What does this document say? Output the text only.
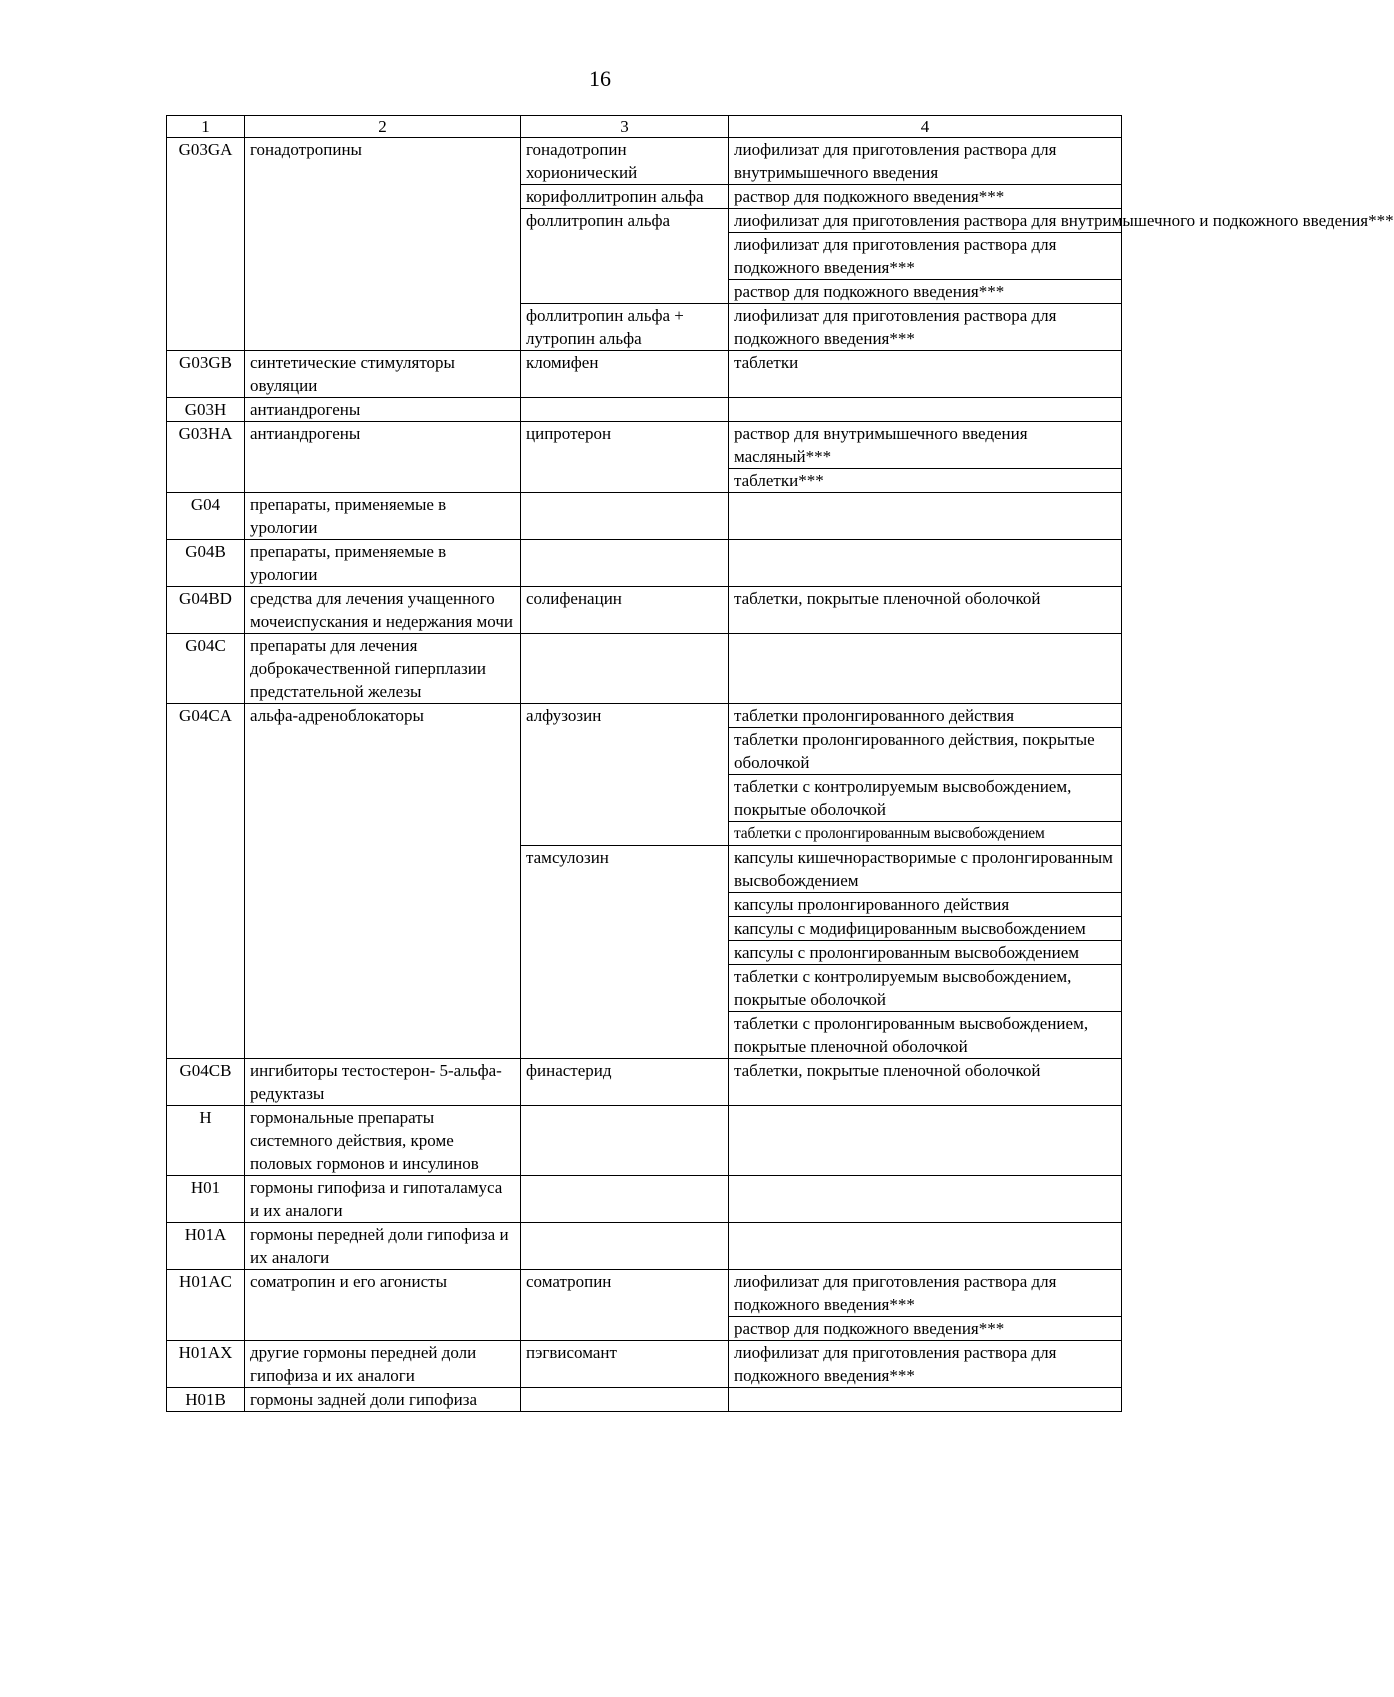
16
1	2	3	4
G03GA	гонадотропины	гонадотропин хорионический	лиофилизат для приготовления раствора для внутримышечного введения
		корифоллитропин альфа	раствор для подкожного введения***
		фоллитропин альфа	лиофилизат для приготовления раствора для внутримышечного и подкожного введения***
			лиофилизат для приготовления раствора для подкожного введения***
			раствор для подкожного введения***
		фоллитропин альфа + лутропин альфа	лиофилизат для приготовления раствора для подкожного введения***
G03GB	синтетические стимуляторы овуляции	кломифен	таблетки
G03H	антиандрогены		
G03HA	антиандрогены	ципротерон	раствор для внутримышечного введения масляный***
			таблетки***
G04	препараты, применяемые в урологии		
G04B	препараты, применяемые в урологии		
G04BD	средства для лечения учащенного мочеиспускания и недержания мочи	солифенацин	таблетки, покрытые пленочной оболочкой
G04C	препараты для лечения доброкачественной гиперплазии предстательной железы		
G04CA	альфа-адреноблокаторы	алфузозин	таблетки пролонгированного действия
			таблетки пролонгированного действия, покрытые оболочкой
			таблетки с контролируемым высвобождением, покрытые оболочкой
			таблетки с пролонгированным высвобождением
		тамсулозин	капсулы кишечнорастворимые с пролонгированным высвобождением
			капсулы пролонгированного действия
			капсулы с модифицированным высвобождением
			капсулы с пролонгированным высвобождением
			таблетки с контролируемым высвобождением, покрытые оболочкой
			таблетки с пролонгированным высвобождением, покрытые пленочной оболочкой
G04CB	ингибиторы тестостерон- 5-альфа-редуктазы	финастерид	таблетки, покрытые пленочной оболочкой
H	гормональные препараты системного действия, кроме половых гормонов и инсулинов		
H01	гормоны гипофиза и гипоталамуса и их аналоги		
H01A	гормоны передней доли гипофиза и их аналоги		
H01AC	соматропин и его агонисты	соматропин	лиофилизат для приготовления раствора для подкожного введения***
			раствор для подкожного введения***
H01AX	другие гормоны передней доли гипофиза и их аналоги	пэгвисомант	лиофилизат для приготовления раствора для подкожного введения***
H01B	гормоны задней доли гипофиза		
